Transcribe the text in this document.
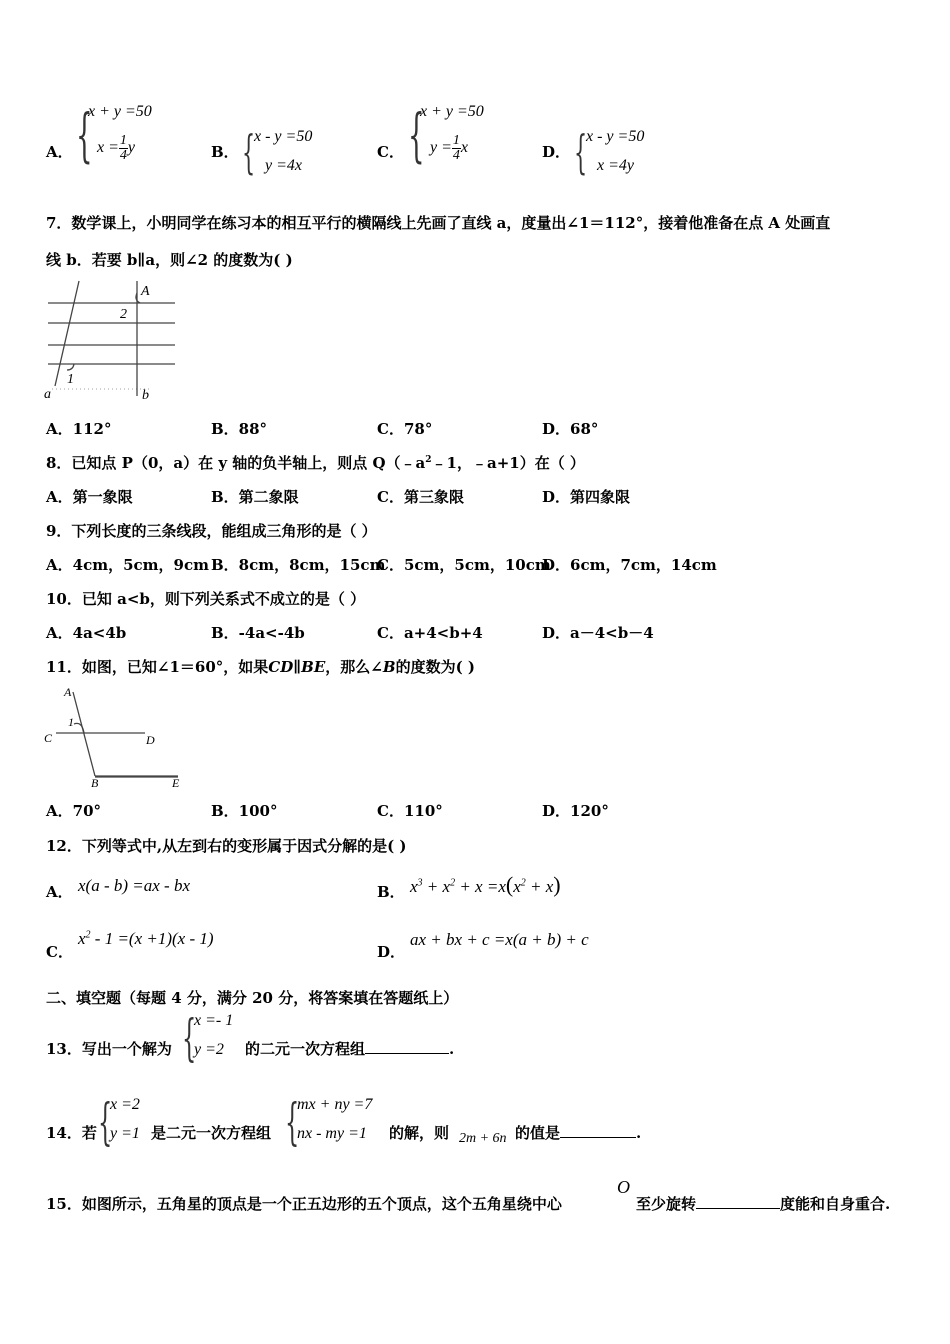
A． {
x + y =50
$x = \frac{1}{4}$ y	B． {
x - y =50
y =4x
C． {
x + y =50
$y = \frac{1}{4}$ x	D． {
x - y =50
x =4y
7．数学课上，小明同学在练习本的相互平行的横隔线上先画了直线 a，度量出∠1＝112°，接着他准备在点 A 处画直
线 b．若要 b∥a，则∠2 的度数为( )
A
2
1
a	b
A．112°	B．88°	C．78°	D．68°
8．已知点 P（0，a）在 y 轴的负半轴上，则点 $Q(﹣a^2﹣1$，﹣a+1）在（ ）
A．第一象限	B．第二象限	C．第三象限	D．第四象限
9．下列长度的三条线段，能组成三角形的是（ ）
A．4cm，5cm，9cm B．8cm，8cm，15cm
C．5cm，5cm，10cm
D．6cm，7cm，14cm
10．已知 a<b，则下列关系式不成立的是（ ）
A．4a<4b	B．-4a<-4b	C．a+4<b+4	D．a－4<b－4
11．如图，已知∠1＝60°，如果CD∥BE，那么∠B的度数为( )
A
1
C	D
B	E
A．70°	B．100°	C．110°	D．120°
12．下列等式中,从左到右的变形属于因式分解的是( )
A． x(a - b) =ax - bx	B． $x^3 + x^2 + x =x(x^2 + x)$
C．
$x^2 - 1 =(x +1)(x - 1)$
D．
ax + bx + c =x(a + b) + c
二、填空题（每题 4 分，满分 20 分，将答案填在答题纸上）
13．写出一个解为 {
x =- 1
y =2 的二元一次方程组	.
14．若 {
x =2
y =1 是二元一次方程组 {
mx + ny =7
nx - my =1 的解，则 2m + 6n 的值是	.
15．如图所示，五角星的顶点是一个正五边形的五个顶点，这个五角星绕中心
O
至少旋转	度能和自身重合.
